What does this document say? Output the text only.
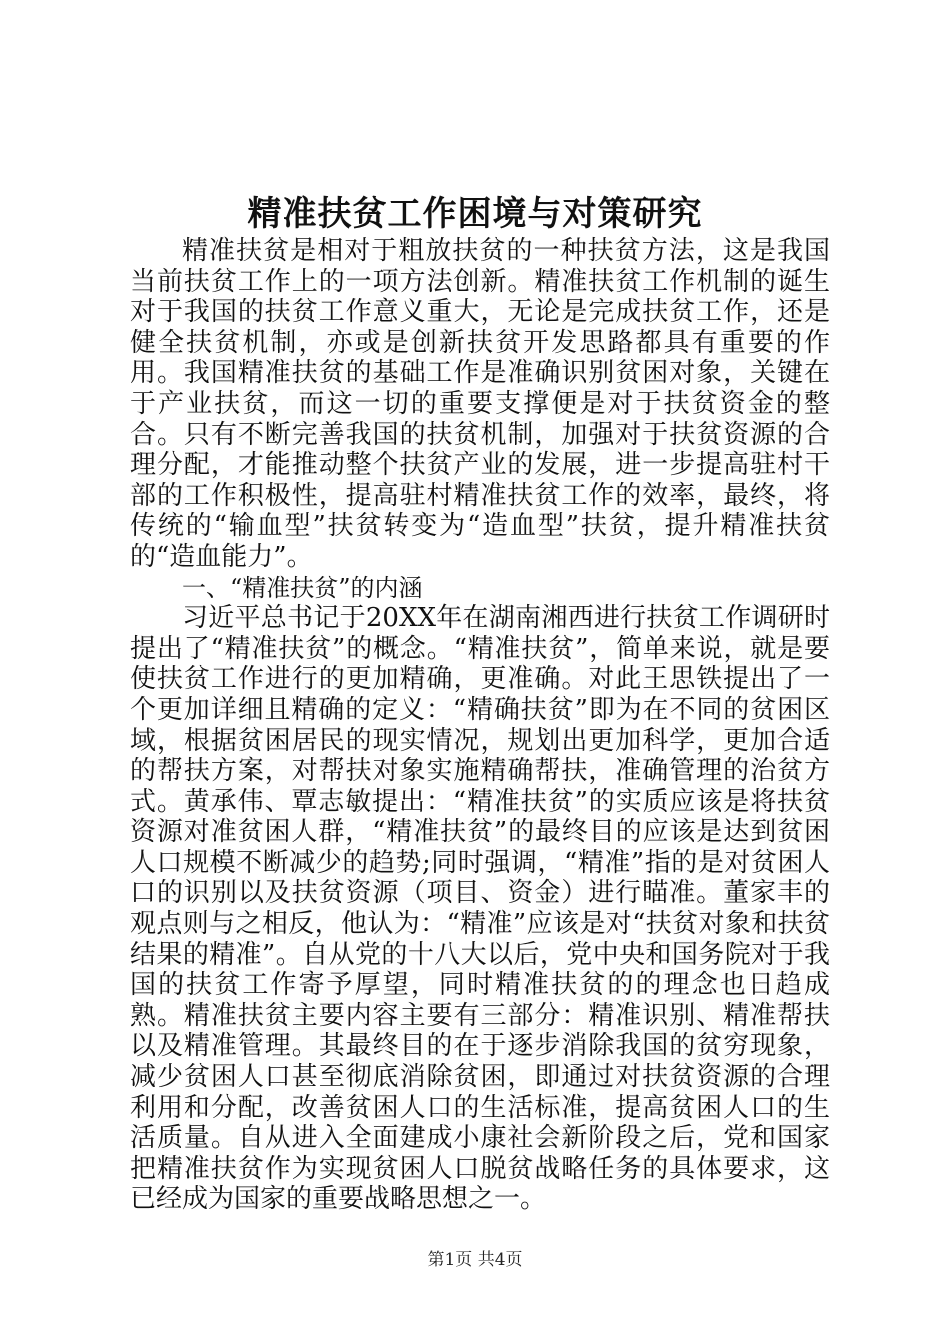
精准扶贫工作困境与对策研究

精准扶贫是相对于粗放扶贫的一种扶贫方法，这是我国当前扶贫工作上的一项方法创新。精准扶贫工作机制的诞生对于我国的扶贫工作意义重大，无论是完成扶贫工作，还是健全扶贫机制，亦或是创新扶贫开发思路都具有重要的作用。我国精准扶贫的基础工作是准确识别贫困对象，关键在于产业扶贫，而这一切的重要支撑便是对于扶贫资金的整合。只有不断完善我国的扶贫机制，加强对于扶贫资源的合理分配，才能推动整个扶贫产业的发展，进一步提高驻村干部的工作积极性，提高驻村精准扶贫工作的效率，最终，将传统的“输血型”扶贫转变为“造血型”扶贫，提升精准扶贫的“造血能力”。

一、“精准扶贫”的内涵

习近平总书记于20XX年在湖南湘西进行扶贫工作调研时提出了“精准扶贫”的概念。“精准扶贫”，简单来说，就是要使扶贫工作进行的更加精确，更准确。对此王思铁提出了一个更加详细且精确的定义：“精确扶贫”即为在不同的贫困区域，根据贫困居民的现实情况，规划出更加科学，更加合适的帮扶方案，对帮扶对象实施精确帮扶，准确管理的治贫方式。黄承伟、覃志敏提出：“精准扶贫”的实质应该是将扶贫资源对准贫困人群，“精准扶贫”的最终目的应该是达到贫困人口规模不断减少的趋势;同时强调，“精准”指的是对贫困人口的识别以及扶贫资源（项目、资金）进行瞄准。董家丰的观点则与之相反，他认为：“精准”应该是对“扶贫对象和扶贫结果的精准”。自从党的十八大以后，党中央和国务院对于我国的扶贫工作寄予厚望，同时精准扶贫的的理念也日趋成熟。精准扶贫主要内容主要有三部分：精准识别、精准帮扶以及精准管理。其最终目的在于逐步消除我国的贫穷现象，减少贫困人口甚至彻底消除贫困，即通过对扶贫资源的合理利用和分配，改善贫困人口的生活标准，提高贫困人口的生活质量。自从进入全面建成小康社会新阶段之后，党和国家把精准扶贫作为实现贫困人口脱贫战略任务的具体要求，这已经成为国家的重要战略思想之一。

第1页 共4页
